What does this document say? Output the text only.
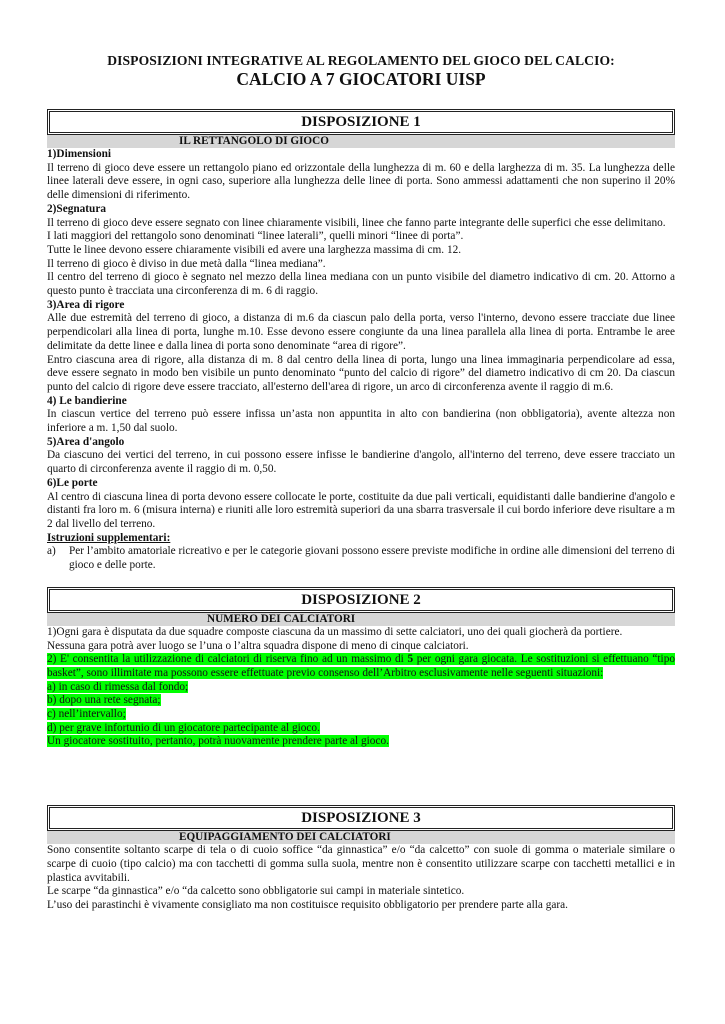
DISPOSIZIONI INTEGRATIVE AL REGOLAMENTO DEL GIOCO DEL CALCIO:

CALCIO A 7 GIOCATORI UISP

DISPOSIZIONE 1
IL RETTANGOLO DI GIOCO

1)Dimensioni

Il terreno di gioco deve essere un rettangolo piano ed orizzontale della lunghezza di m. 60 e della larghezza di m. 35. La lunghezza delle linee laterali deve essere, in ogni caso, superiore alla lunghezza delle linee di porta. Sono ammessi adattamenti che non superino il 20% delle dimensioni di riferimento.

2)Segnatura

Il terreno di gioco deve essere segnato con linee chiaramente visibili, linee che fanno parte integrante delle superfici che esse delimitano.

I lati maggiori del rettangolo sono denominati “linee laterali”, quelli minori “linee di porta”.

Tutte le linee devono essere chiaramente visibili ed avere una larghezza massima di cm. 12.

Il terreno di gioco è diviso in due metà dalla “linea mediana”.

Il centro del terreno di gioco è segnato nel mezzo della linea mediana con un punto visibile del diametro indicativo di cm. 20. Attorno a questo punto è tracciata una circonferenza di m. 6 di raggio.

3)Area di rigore

Alle due estremità del terreno di gioco, a distanza di m.6 da ciascun palo della porta, verso l'interno, devono essere tracciate due linee perpendicolari alla linea di porta, lunghe m.10. Esse devono essere congiunte da una linea parallela alla linea di porta. Entrambe le aree delimitate da dette linee e dalla linea di porta sono denominate “area di rigore”.

Entro ciascuna area di rigore, alla distanza di m. 8 dal centro della linea di porta, lungo una linea immaginaria perpendicolare ad essa, deve essere segnato in modo ben visibile un punto denominato “punto del calcio di rigore” del diametro indicativo di cm 20. Da ciascun punto del calcio di rigore deve essere tracciato, all'esterno dell'area di rigore, un arco di circonferenza avente il raggio di m.6.

4) Le bandierine

In ciascun vertice del terreno può essere infissa un’asta non appuntita in alto con bandierina (non obbligatoria), avente altezza non inferiore a m. 1,50 dal suolo.

5)Area d'angolo

Da ciascuno dei vertici del terreno, in cui possono essere infisse le bandierine d'angolo, all'interno del terreno, deve essere tracciato un quarto di circonferenza avente il raggio di m. 0,50.

6)Le porte

Al centro di ciascuna linea di porta devono essere collocate le porte, costituite da due pali verticali, equidistanti dalle bandierine d'angolo e distanti fra loro m. 6 (misura interna) e riuniti alle loro estremità superiori da una sbarra trasversale il cui bordo inferiore deve risultare a m 2 dal livello del terreno.

Istruzioni supplementari:

a)	Per l’ambito amatoriale ricreativo e per le categorie giovani possono essere previste modifiche in ordine alle dimensioni del terreno di gioco e delle porte.

DISPOSIZIONE 2
NUMERO DEI CALCIATORI

1)Ogni gara è disputata da due squadre composte ciascuna da un massimo di sette calciatori, uno dei quali giocherà da portiere.

Nessuna gara potrà aver luogo se l’una o l’altra squadra dispone di meno di cinque calciatori.

2) E' consentita la utilizzazione di calciatori di riserva fino ad un massimo di 5 per ogni gara giocata. Le sostituzioni si effettuano “tipo basket”, sono illimitate ma possono essere effettuate previo consenso dell’Arbitro esclusivamente nelle seguenti situazioni:

a) in caso di rimessa dal fondo;

b) dopo una rete segnata;

c) nell’intervallo;

d) per grave infortunio di un giocatore partecipante al gioco.

Un giocatore sostituito, pertanto, potrà nuovamente prendere parte al gioco.

DISPOSIZIONE 3
EQUIPAGGIAMENTO DEI CALCIATORI

Sono consentite soltanto scarpe di tela o di cuoio soffice “da ginnastica” e/o “da calcetto” con suole di gomma o materiale similare o scarpe di cuoio (tipo calcio) ma con tacchetti di gomma sulla suola, mentre non è consentito utilizzare scarpe con tacchetti metallici e in plastica avvitabili.

Le scarpe “da ginnastica” e/o “da calcetto sono obbligatorie sui campi in materiale sintetico.

L’uso dei parastinchi è vivamente consigliato ma non costituisce requisito obbligatorio per prendere parte alla gara.
